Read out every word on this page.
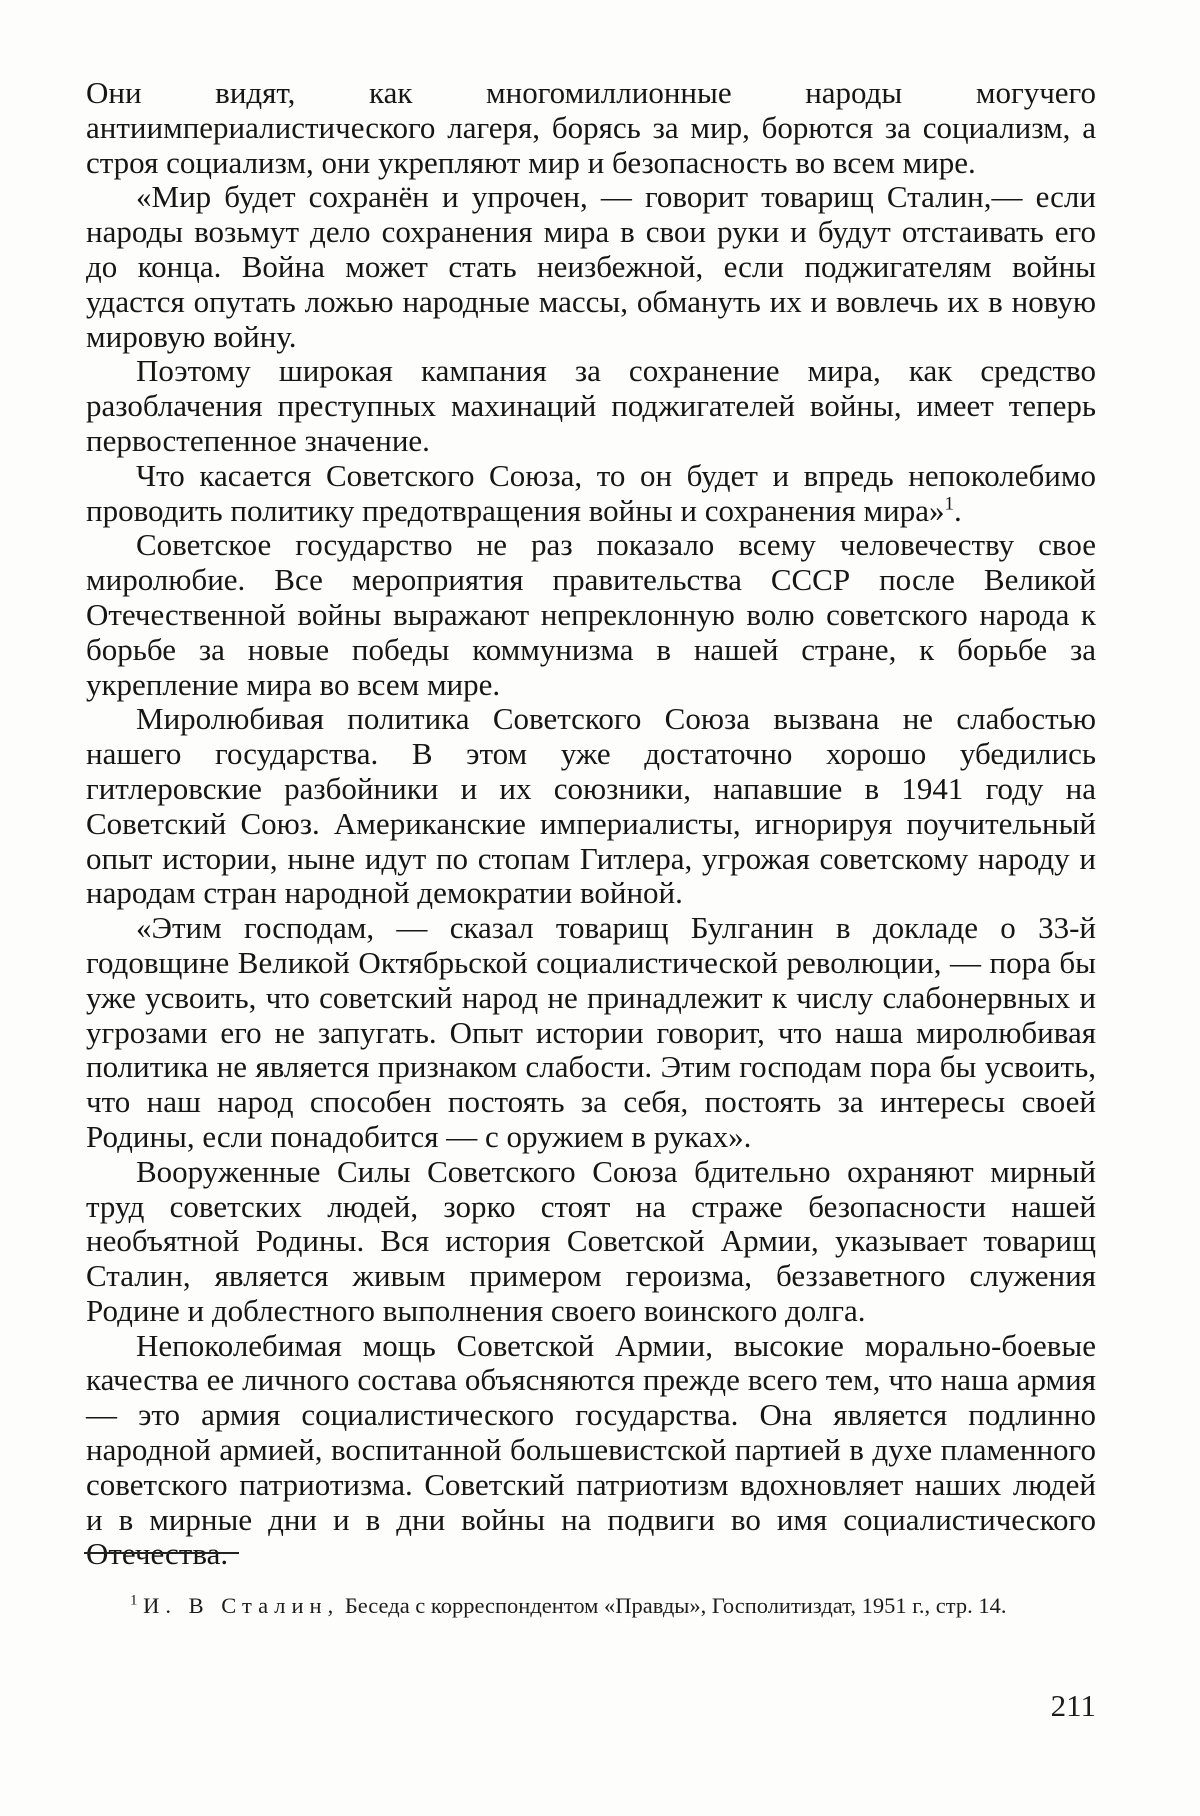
Они видят, как многомиллионные народы могучего антиимпериалистического лагеря, борясь за мир, борются за социализм, а строя социализм, они укрепляют мир и безопасность во всем мире.

«Мир будет сохранён и упрочен, — говорит товарищ Сталин,— если народы возьмут дело сохранения мира в свои руки и будут отстаивать его до конца. Война может стать неизбежной, если поджигателям войны удастся опутать ложью народные массы, обмануть их и вовлечь их в новую мировую войну.

Поэтому широкая кампания за сохранение мира, как средство разоблачения преступных махинаций поджигателей войны, имеет теперь первостепенное значение.

Что касается Советского Союза, то он будет и впредь непоколебимо проводить политику предотвращения войны и сохранения мира»$^1$.

Советское государство не раз показало всему человечеству свое миролюбие. Все мероприятия правительства СССР после Великой Отечественной войны выражают непреклонную волю советского народа к борьбе за новые победы коммунизма в нашей стране, к борьбе за укрепление мира во всем мире.

Миролюбивая политика Советского Союза вызвана не слабостью нашего государства. В этом уже достаточно хорошо убедились гитлеровские разбойники и их союзники, напавшие в 1941 году на Советский Союз. Американские империалисты, игнорируя поучительный опыт истории, ныне идут по стопам Гитлера, угрожая советскому народу и народам стран народной демократии войной.

«Этим господам, — сказал товарищ Булганин в докладе о 33-й годовщине Великой Октябрьской социалистической революции, — пора бы уже усвоить, что советский народ не принадлежит к числу слабонервных и угрозами его не запугать. Опыт истории говорит, что наша миролюбивая политика не является признаком слабости. Этим господам пора бы усвоить, что наш народ способен постоять за себя, постоять за интересы своей Родины, если понадобится — с оружием в руках».

Вооруженные Силы Советского Союза бдительно охраняют мирный труд советских людей, зорко стоят на страже безопасности нашей необъятной Родины. Вся история Советской Армии, указывает товарищ Сталин, является живым примером героизма, беззаветного служения Родине и доблестного выполнения своего воинского долга.

Непоколебимая мощь Советской Армии, высокие морально-боевые качества ее личного состава объясняются прежде всего тем, что наша армия — это армия социалистического государства. Она является подлинно народной армией, воспитанной большевистской партией в духе пламенного советского патриотизма. Советский патриотизм вдохновляет наших людей и в мирные дни и в дни войны на подвиги во имя социалистического Отечества.

$^1$ И. В Сталин, Беседа с корреспондентом «Правды», Госполитиздат, 1951 г., стр. 14.
211
